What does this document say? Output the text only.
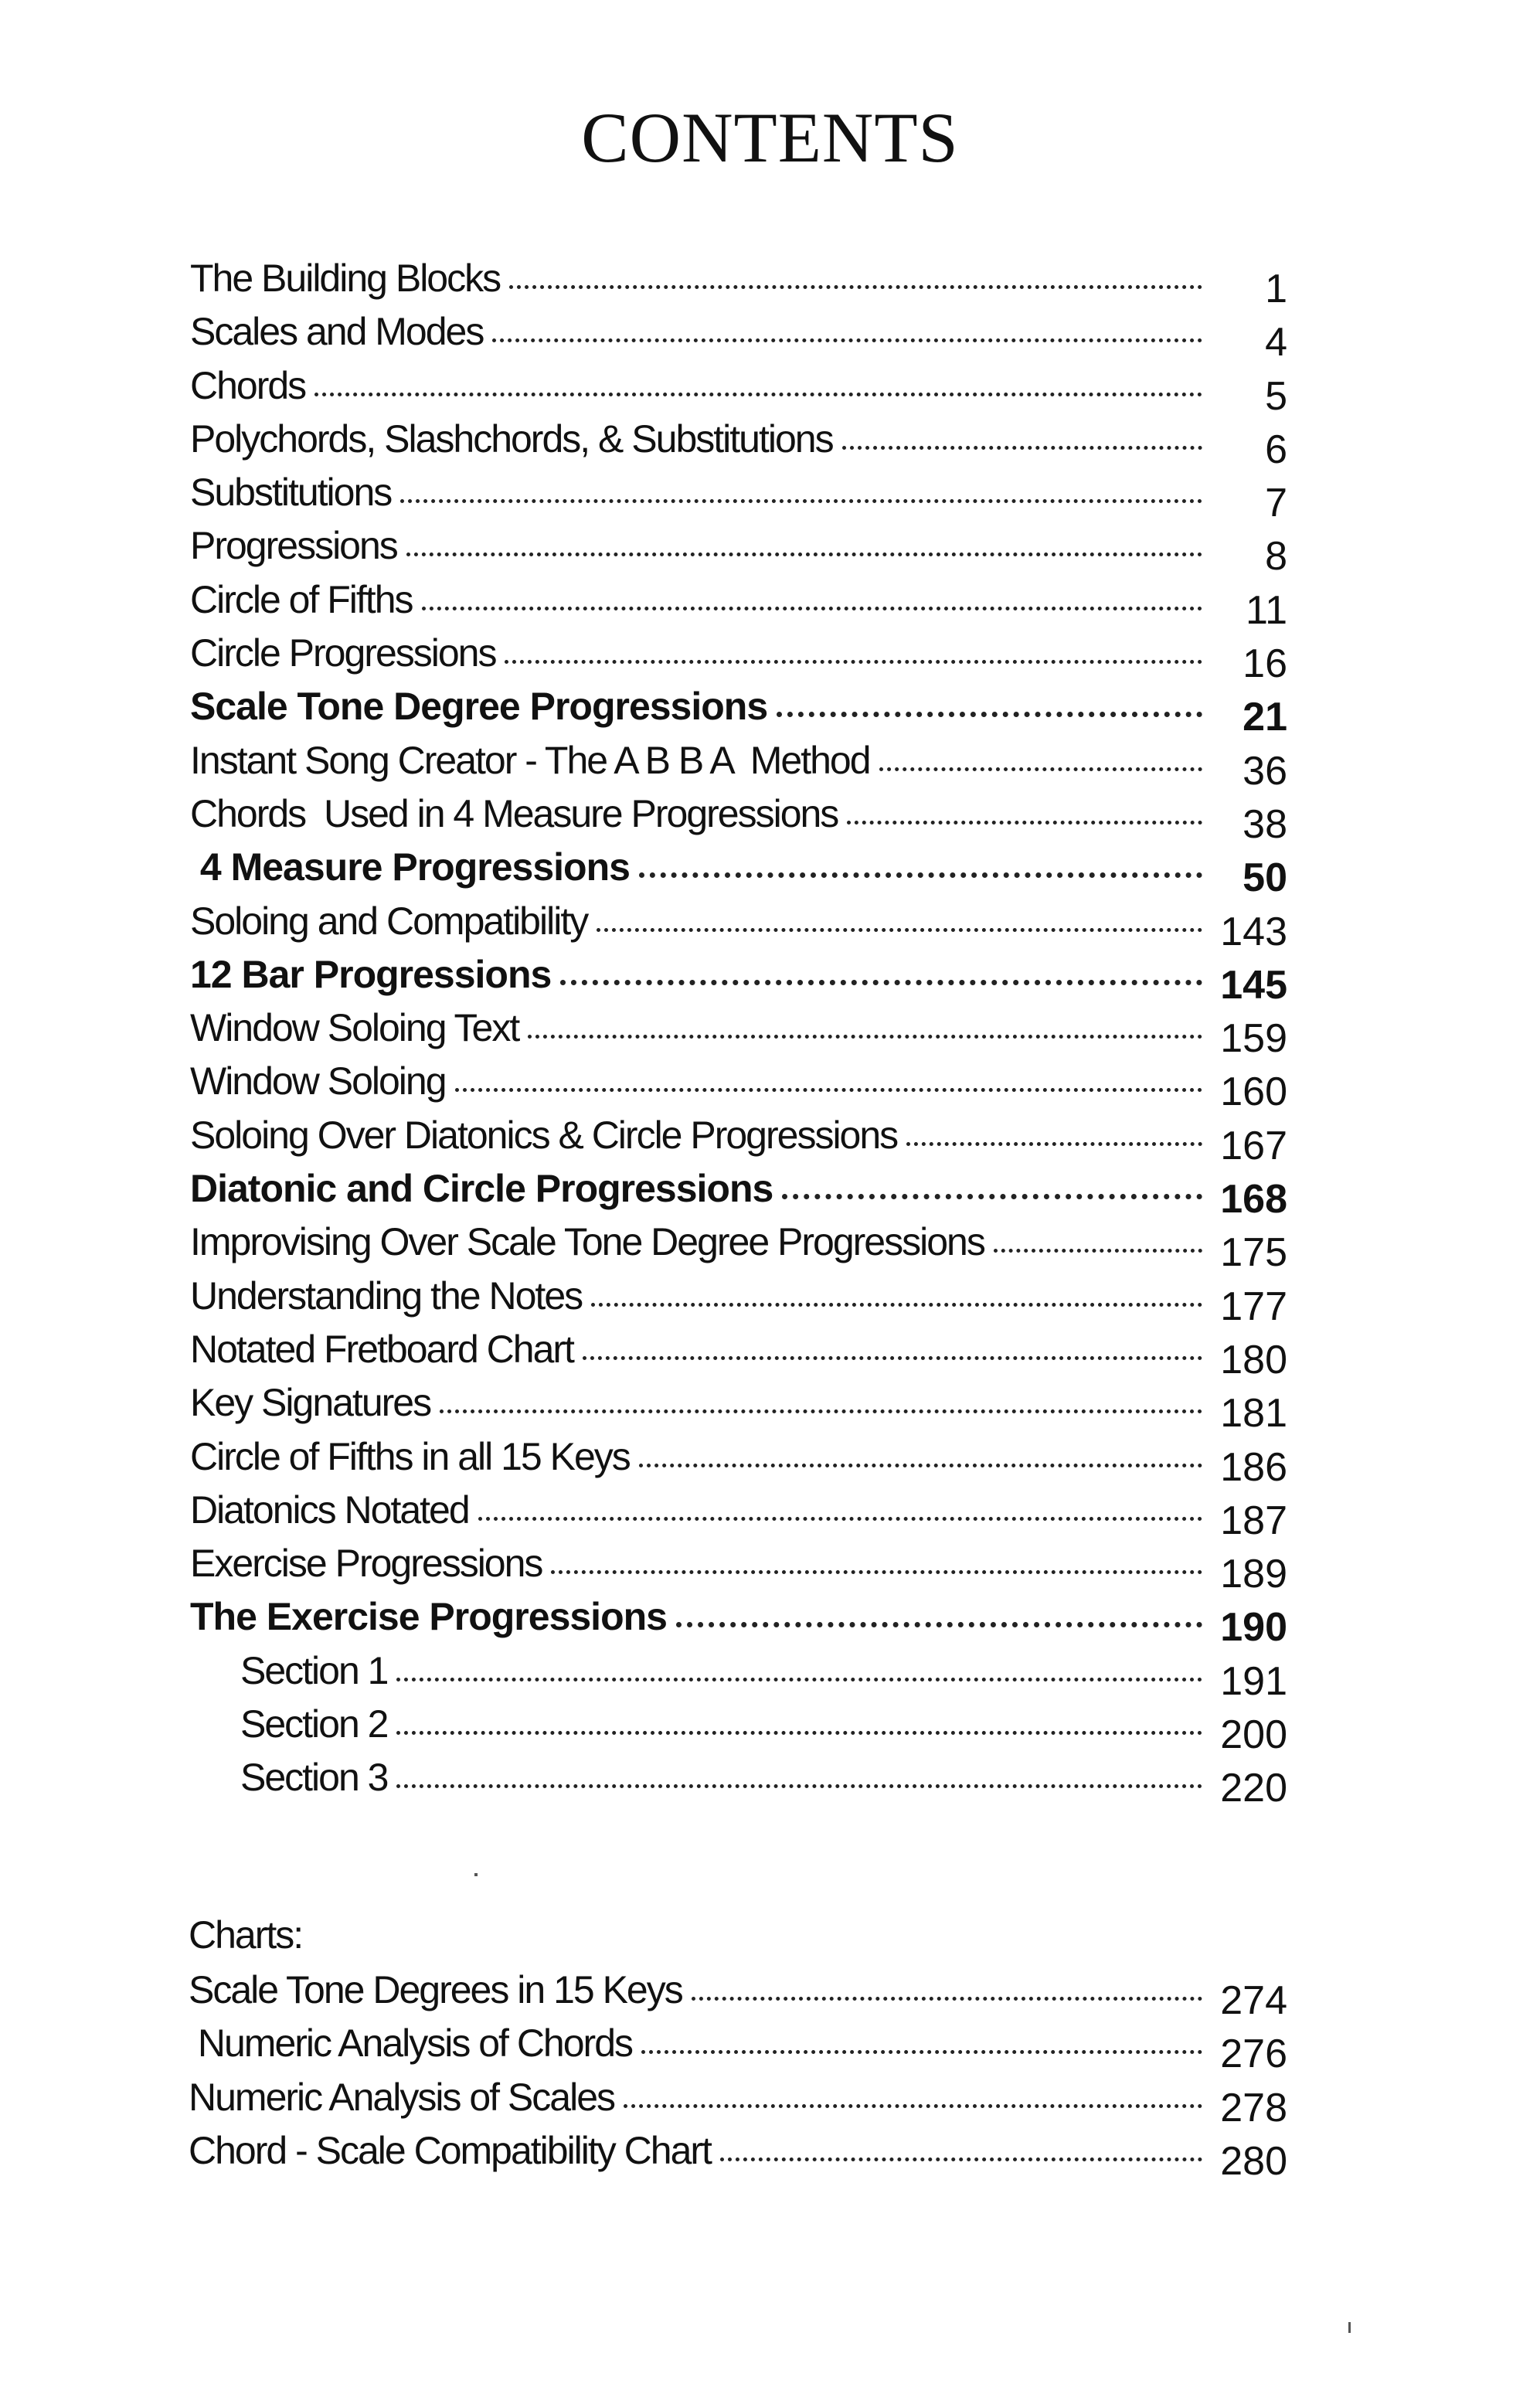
CONTENTS
The Building Blocks	1
Scales and Modes	4
Chords	5
Polychords, Slashchords, & Substitutions	6
Substitutions	7
Progressions	8
Circle of Fifths	11
Circle Progressions	16
Scale Tone Degree Progressions	21
Instant Song Creator - The A B B A  Method	36
Chords  Used in 4 Measure Progressions	38
4 Measure Progressions	50
Soloing and Compatibility	143
12 Bar Progressions	145
Window Soloing Text	159
Window Soloing	160
Soloing Over Diatonics & Circle Progressions	167
Diatonic and Circle Progressions	168
Improvising Over Scale Tone Degree Progressions	175
Understanding the Notes	177
Notated Fretboard Chart	180
Key Signatures	181
Circle of Fifths in all 15 Keys	186
Diatonics Notated	187
Exercise Progressions	189
The Exercise Progressions	190
Section 1	191
Section 2	200
Section 3	220
Charts:
Scale Tone Degrees in 15 Keys	274
Numeric Analysis of Chords	276
Numeric Analysis of Scales	278
Chord - Scale Compatibility Chart	280
